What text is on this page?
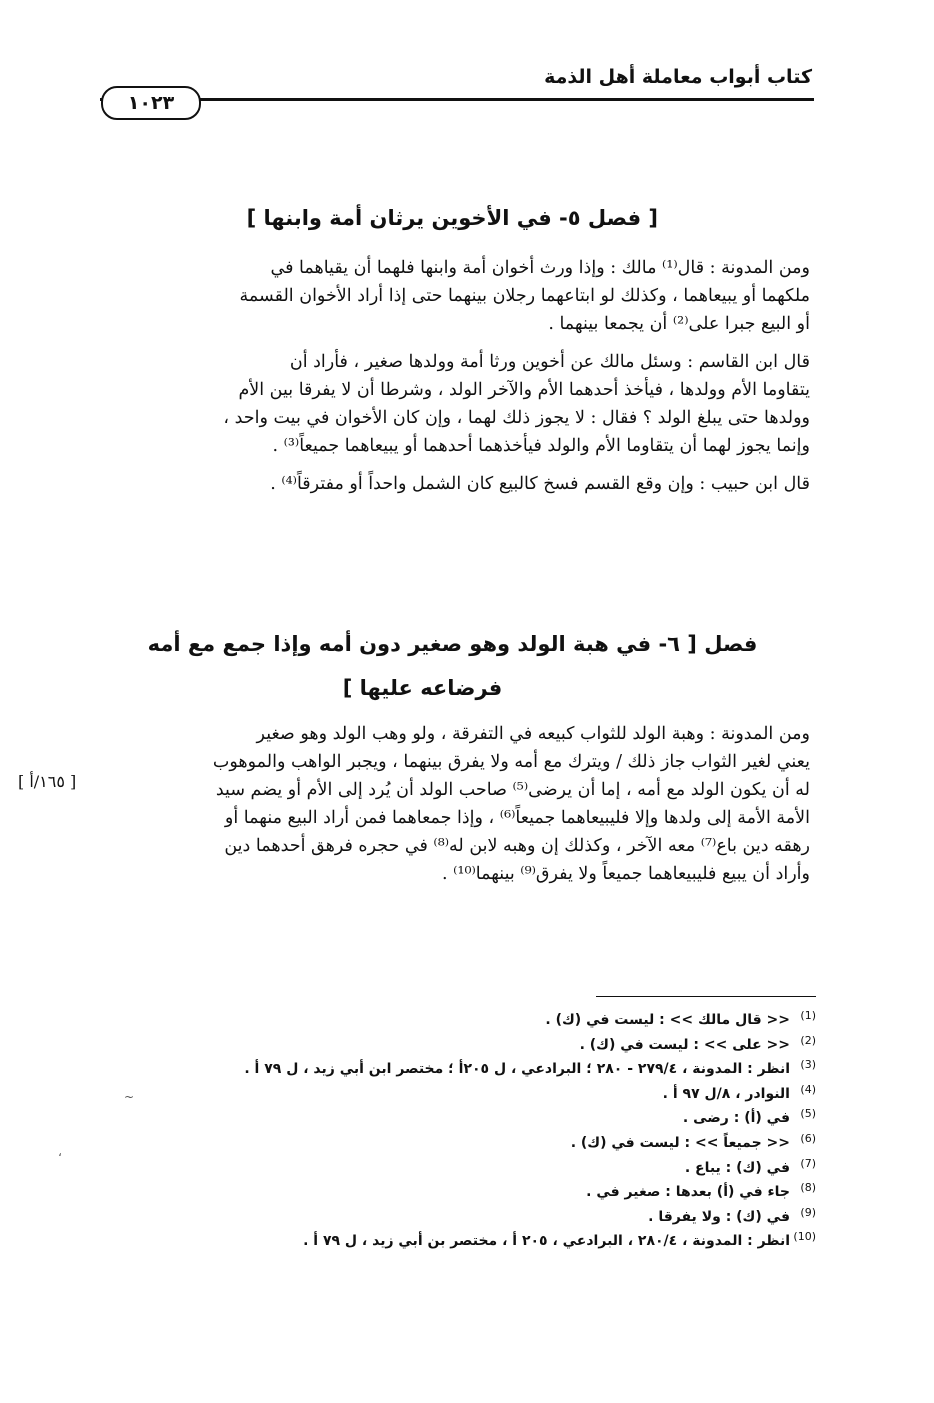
كتاب أبواب معاملة أهل الذمة
١٠٢٣
[ فصل ٥- في الأخوين يرثان أمة وابنها ]

ومن المدونة : قال⁽¹⁾ مالك : وإذا ورث أخوان أمة وابنها فلهما أن يقياهما في
ملكهما أو يبيعاهما ، وكذلك لو ابتاعهما رجلان بينهما حتى إذا أراد الأخوان القسمة
أو البيع جبرا على⁽²⁾ أن يجمعا بينهما .

قال ابن القاسم : وسئل مالك عن أخوين ورثا أمة وولدها صغير ، فأراد أن
يتقاوما الأم وولدها ، فيأخذ أحدهما الأم والآخر الولد ، وشرطا أن لا يفرقا بين الأم
وولدها حتى يبلغ الولد ؟ فقال : لا يجوز ذلك لهما ، وإن كان الأخوان في بيت واحد ،
وإنما يجوز لهما أن يتقاوما الأم والولد فيأخذهما أحدهما أو يبيعاهما جميعاً⁽³⁾ .

قال ابن حبيب : وإن وقع القسم فسخ كالبيع كان الشمل واحداً أو مفترقاً⁽⁴⁾ .

فصل [ ٦- في هبة الولد وهو صغير دون أمه وإذا جمع مع أمه
فرضاعه عليها ]

ومن المدونة : وهبة الولد للثواب كبيعه في التفرقة ، ولو وهب الولد وهو صغير
يعني لغير الثواب جاز ذلك / ويترك مع أمه ولا يفرق بينهما ، ويجبر الواهب والموهوب
له أن يكون الولد مع أمه ، إما أن يرضى⁽⁵⁾ صاحب الولد أن يُرد إلى الأم أو يضم سيد
الأمة الأمة إلى ولدها وإلا فليبيعاهما جميعاً⁽⁶⁾ ، وإذا جمعاهما فمن أراد البيع منهما أو
رهقه دين باع⁽⁷⁾ معه الآخر ، وكذلك إن وهبه لابن له⁽⁸⁾ في حجره فرهق أحدهما دين
وأراد أن يبيع فليبيعاهما جميعاً ولا يفرق⁽⁹⁾ بينهما⁽¹⁰⁾ .

[ ١٦٥/أ ]
~
،
(1)<< قال مالك >> : ليست في (ك) .
(2)<< على >> : ليست في (ك) .
(3)انظر : المدونة ، ٢٧٩/٤ - ٢٨٠ ؛ البرادعي ، ل ٢٠٥أ ؛ مختصر ابن أبي زيد ، ل ٧٩ أ .
(4)النوادر ، ٨/ل ٩٧ أ .
(5)في (أ) : رضى .
(6)<< جميعاً >> : ليست في (ك) .
(7)في (ك) : يباع .
(8)جاء في (أ) بعدها : صغير في .
(9)في (ك) : ولا يفرقا .
(10)انظر : المدونة ، ٢٨٠/٤ ، البرادعي ، ٢٠٥ أ ، مختصر بن أبي زيد ، ل ٧٩ أ .
